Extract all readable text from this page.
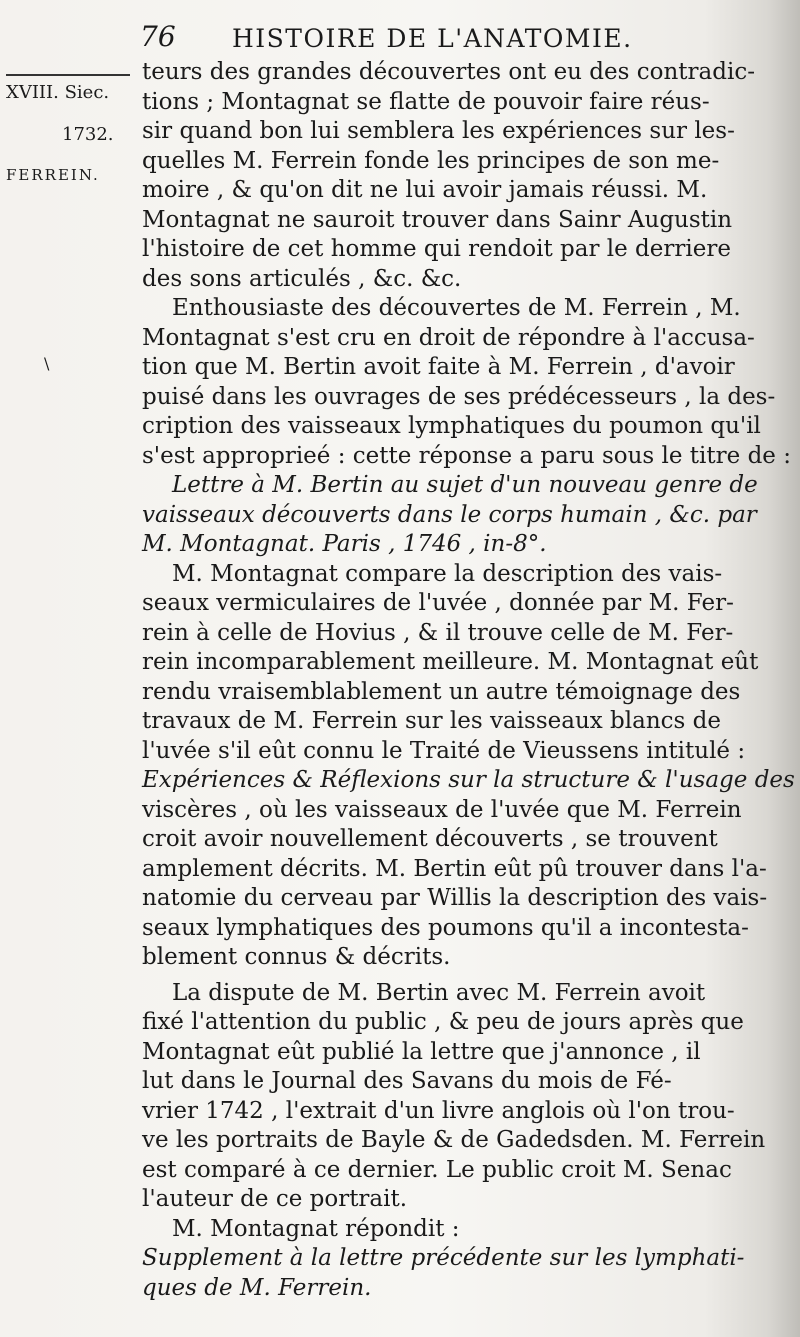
76 HISTOIRE DE L'ANATOMIE.
XVIII. Siec.
1732.
FERREIN.
\
teurs des grandes découvertes ont eu des contradic-
tions ; Montagnat se flatte de pouvoir faire réus-
sir quand bon lui semblera les expériences sur les-
quelles M. Ferrein fonde les principes de son me-
moire , & qu'on dit ne lui avoir jamais réussi. M.
Montagnat ne sauroit trouver dans Sainr Augustin
l'histoire de cet homme qui rendoit par le derriere
des sons articulés , &c. &c.
Enthousiaste des découvertes de M. Ferrein , M.
Montagnat s'est cru en droit de répondre à l'accusa-
tion que M. Bertin avoit faite à M. Ferrein , d'avoir
puisé dans les ouvrages de ses prédécesseurs , la des-
cription des vaisseaux lymphatiques du poumon qu'il
s'est approprieé : cette réponse a paru sous le titre de :
Lettre à M. Bertin au sujet d'un nouveau genre de
vaisseaux découverts dans le corps humain , &c. par
M. Montagnat. Paris , 1746 , in-8°.
M. Montagnat compare la description des vais-
seaux vermiculaires de l'uvée , donnée par M. Fer-
rein à celle de Hovius , & il trouve celle de M. Fer-
rein incomparablement meilleure. M. Montagnat eût
rendu vraisemblablement un autre témoignage des
travaux de M. Ferrein sur les vaisseaux blancs de
l'uvée s'il eût connu le Traité de Vieussens intitulé :
Expériences & Réflexions sur la structure & l'usage des
viscères , où les vaisseaux de l'uvée que M. Ferrein
croit avoir nouvellement découverts , se trouvent
amplement décrits. M. Bertin eût pû trouver dans l'a-
natomie du cerveau par Willis la description des vais-
seaux lymphatiques des poumons qu'il a incontesta-
blement connus & décrits.
La dispute de M. Bertin avec M. Ferrein avoit
fixé l'attention du public , & peu de jours après que
Montagnat eût publié la lettre que j'annonce , il
lut dans le Journal des Savans du mois de Fé-
vrier 1742 , l'extrait d'un livre anglois où l'on trou-
ve les portraits de Bayle & de Gadedsden. M. Ferrein
est comparé à ce dernier. Le public croit M. Senac
l'auteur de ce portrait.
M. Montagnat répondit :
Supplement à la lettre précédente sur les lymphati-
ques de M. Ferrein.
